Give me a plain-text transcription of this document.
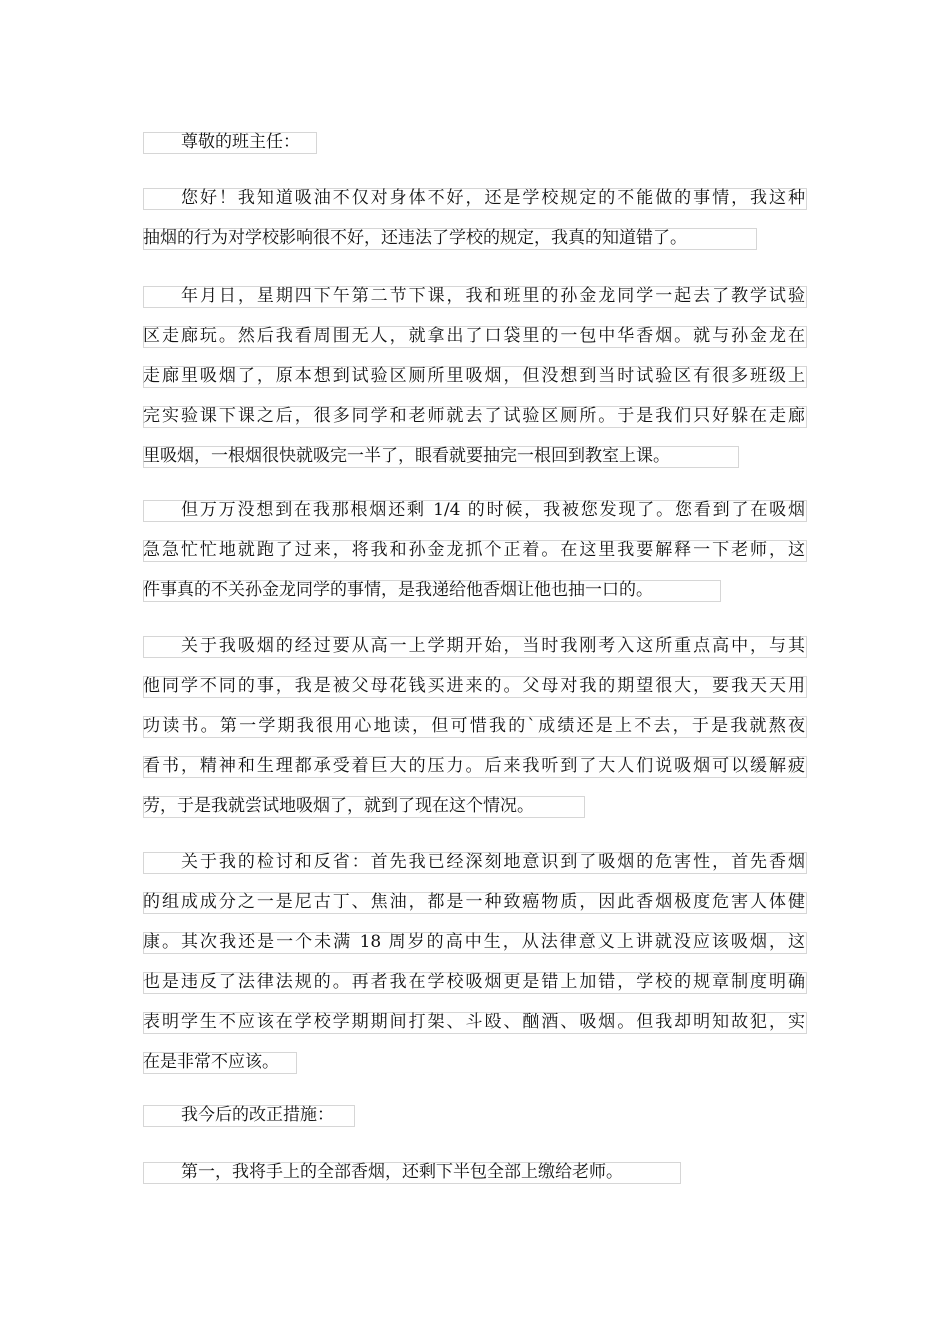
尊敬的班主任：
您好！我知道吸油不仅对身体不好，还是学校规定的不能做的事情，我这种
抽烟的行为对学校影响很不好，还违法了学校的规定，我真的知道错了。
年月日，星期四下午第二节下课，我和班里的孙金龙同学一起去了教学试验
区走廊玩。然后我看周围无人，就拿出了口袋里的一包中华香烟。就与孙金龙在
走廊里吸烟了，原本想到试验区厕所里吸烟，但没想到当时试验区有很多班级上
完实验课下课之后，很多同学和老师就去了试验区厕所。于是我们只好躲在走廊
里吸烟，一根烟很快就吸完一半了，眼看就要抽完一根回到教室上课。
但万万没想到在我那根烟还剩 1/4 的时候，我被您发现了。您看到了在吸烟
急急忙忙地就跑了过来，将我和孙金龙抓个正着。在这里我要解释一下老师，这
件事真的不关孙金龙同学的事情，是我递给他香烟让他也抽一口的。
关于我吸烟的经过要从高一上学期开始，当时我刚考入这所重点高中，与其
他同学不同的事，我是被父母花钱买进来的。父母对我的期望很大，要我天天用
功读书。第一学期我很用心地读，但可惜我的`成绩还是上不去，于是我就熬夜
看书，精神和生理都承受着巨大的压力。后来我听到了大人们说吸烟可以缓解疲
劳，于是我就尝试地吸烟了，就到了现在这个情况。
关于我的检讨和反省：首先我已经深刻地意识到了吸烟的危害性，首先香烟
的组成成分之一是尼古丁、焦油，都是一种致癌物质，因此香烟极度危害人体健
康。其次我还是一个未满 18 周岁的高中生，从法律意义上讲就没应该吸烟，这
也是违反了法律法规的。再者我在学校吸烟更是错上加错，学校的规章制度明确
表明学生不应该在学校学期期间打架、斗殴、酗酒、吸烟。但我却明知故犯，实
在是非常不应该。
我今后的改正措施：
第一，我将手上的全部香烟，还剩下半包全部上缴给老师。
